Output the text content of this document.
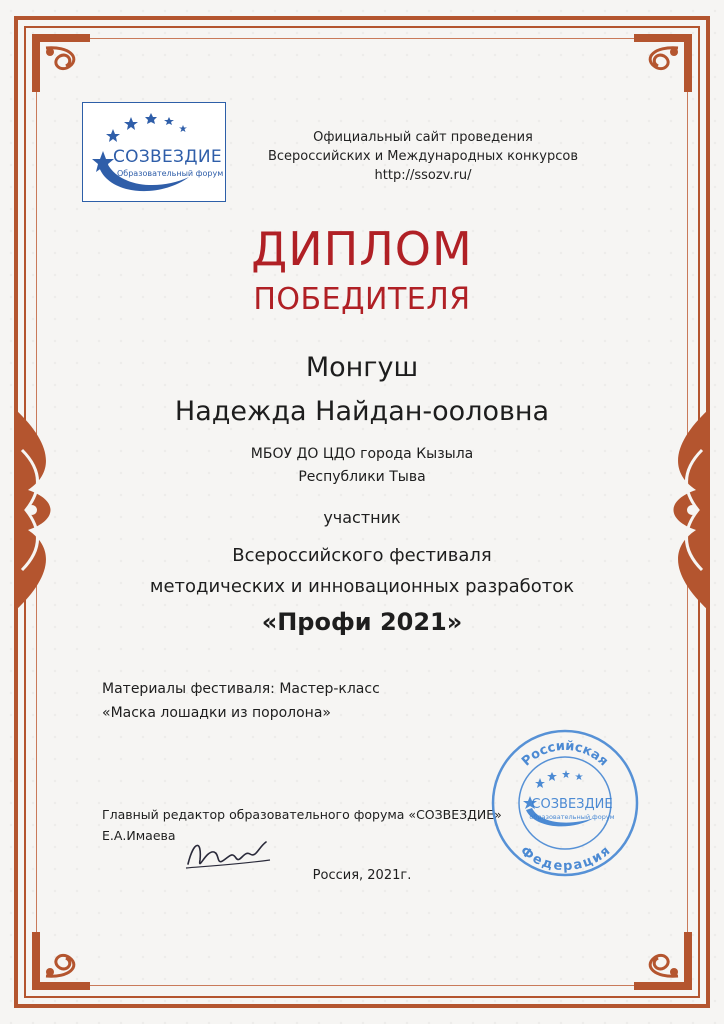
СОЗВЕЗДИЕ
Образовательный форум
Официальный сайт проведения
Всероссийских и Международных конкурсов
http://ssozv.ru/
ДИПЛОМ
ПОБЕДИТЕЛЯ
Монгуш
Надежда Найдан-ооловна
МБОУ ДО ЦДО города Кызыла
Республики Тыва
участник
Всероссийского фестиваля
методических и инновационных разработок
«Профи 2021»
Материалы фестиваля: Мастер-класс
«Маска лошадки из поролона»
Главный редактор образовательного форума «СОЗВЕЗДИЕ»
Е.А.Имаева
Россия, 2021г.
Российская
Федерация
СОЗВЕЗДИЕ
образовательный форум
